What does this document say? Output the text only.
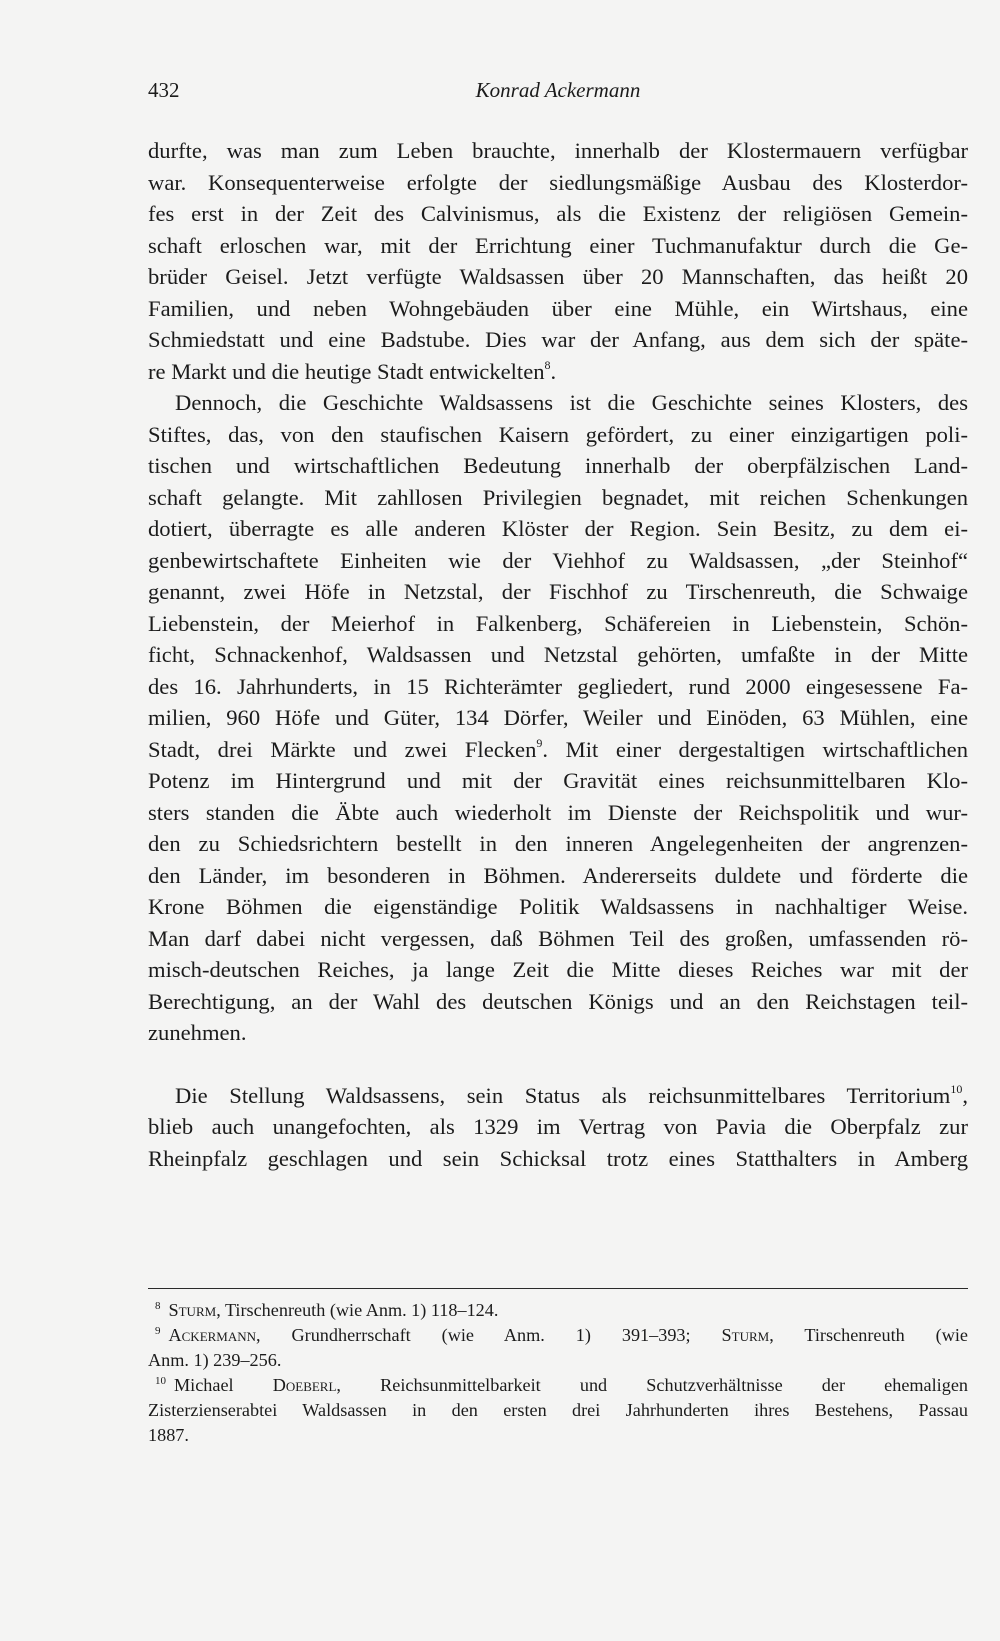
432	Konrad Ackermann
durfte, was man zum Leben brauchte, innerhalb der Klostermauern verfügbar
war. Konsequenterweise erfolgte der siedlungsmäßige Ausbau des Klosterdor-
fes erst in der Zeit des Calvinismus, als die Existenz der religiösen Gemein-
schaft erloschen war, mit der Errichtung einer Tuchmanufaktur durch die Ge-
brüder Geisel. Jetzt verfügte Waldsassen über 20 Mannschaften, das heißt 20
Familien, und neben Wohngebäuden über eine Mühle, ein Wirtshaus, eine
Schmiedstatt und eine Badstube. Dies war der Anfang, aus dem sich der späte-
re Markt und die heutige Stadt entwickelten$^8$.
Dennoch, die Geschichte Waldsassens ist die Geschichte seines Klosters, des
Stiftes, das, von den staufischen Kaisern gefördert, zu einer einzigartigen poli-
tischen und wirtschaftlichen Bedeutung innerhalb der oberpfälzischen Land-
schaft gelangte. Mit zahllosen Privilegien begnadet, mit reichen Schenkungen
dotiert, überragte es alle anderen Klöster der Region. Sein Besitz, zu dem ei-
genbewirtschaftete Einheiten wie der Viehhof zu Waldsassen, „der Steinhof“
genannt, zwei Höfe in Netzstal, der Fischhof zu Tirschenreuth, die Schwaige
Liebenstein, der Meierhof in Falkenberg, Schäfereien in Liebenstein, Schön-
ficht, Schnackenhof, Waldsassen und Netzstal gehörten, umfaßte in der Mitte
des 16. Jahrhunderts, in 15 Richterämter gegliedert, rund 2000 eingesessene Fa-
milien, 960 Höfe und Güter, 134 Dörfer, Weiler und Einöden, 63 Mühlen, eine
Stadt, drei Märkte und zwei Flecken$^9$. Mit einer dergestaltigen wirtschaftlichen
Potenz im Hintergrund und mit der Gravität eines reichsunmittelbaren Klo-
sters standen die Äbte auch wiederholt im Dienste der Reichspolitik und wur-
den zu Schiedsrichtern bestellt in den inneren Angelegenheiten der angrenzen-
den Länder, im besonderen in Böhmen. Andererseits duldete und förderte die
Krone Böhmen die eigenständige Politik Waldsassens in nachhaltiger Weise.
Man darf dabei nicht vergessen, daß Böhmen Teil des großen, umfassenden rö-
misch-deutschen Reiches, ja lange Zeit die Mitte dieses Reiches war mit der
Berechtigung, an der Wahl des deutschen Königs und an den Reichstagen teil-
zunehmen.
Die Stellung Waldsassens, sein Status als reichsunmittelbares Territorium$^{10}$,
blieb auch unangefochten, als 1329 im Vertrag von Pavia die Oberpfalz zur
Rheinpfalz geschlagen und sein Schicksal trotz eines Statthalters in Amberg
$^8$ Sturm, Tirschenreuth (wie Anm. 1) 118–124.
$^9$ Ackermann, Grundherrschaft (wie Anm. 1) 391–393; Sturm, Tirschenreuth (wie
Anm. 1) 239–256.
$^{10}$ Michael Doeberl, Reichsunmittelbarkeit und Schutzverhältnisse der ehemaligen
Zisterzienserabtei Waldsassen in den ersten drei Jahrhunderten ihres Bestehens, Passau
1887.
